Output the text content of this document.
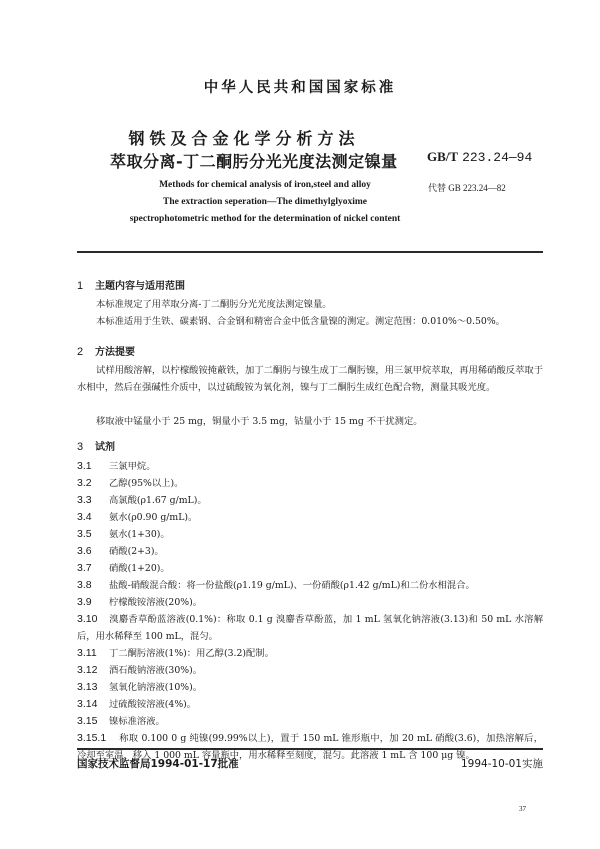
中华人民共和国国家标准
钢铁及合金化学分析方法
萃取分离-丁二酮肟分光光度法测定镍量 GB/T 223.24—94
Methods for chemical analysis of iron,steel and alloy
The extraction seperation—The dimethylglyoxime
spectrophotometric method for the determination of nickel content
代替 GB 223.24—82
1 主题内容与适用范围
本标准规定了用萃取分离-丁二酮肟分光光度法测定镍量。
本标准适用于生铁、碳素钢、合金钢和精密合金中低含量镍的测定。测定范围：0.010%～0.50%。
2 方法提要
试样用酸溶解，以柠檬酸铵掩蔽铁，加丁二酮肟与镍生成丁二酮肟镍，用三氯甲烷萃取，再用稀硝酸反萃取于水相中，然后在强碱性介质中，以过硫酸铵为氧化剂，镍与丁二酮肟生成红色配合物，测量其吸光度。
移取液中锰量小于 25 mg，铜量小于 3.5 mg，钴量小于 15 mg 不干扰测定。
3 试剂
3.1 三氯甲烷。
3.2 乙醇(95%以上)。
3.3 高氯酸(ρ1.67 g/mL)。
3.4 氨水(ρ0.90 g/mL)。
3.5 氨水(1+30)。
3.6 硝酸(2+3)。
3.7 硝酸(1+20)。
3.8 盐酸-硝酸混合酸：将一份盐酸(ρ1.19 g/mL)、一份硝酸(ρ1.42 g/mL)和二份水相混合。
3.9 柠檬酸铵溶液(20%)。
3.10 溴麝香草酚蓝溶液(0.1%)：称取 0.1 g 溴麝香草酚蓝，加 1 mL 氢氧化钠溶液(3.13)和 50 mL 水溶解后，用水稀释至 100 mL，混匀。
3.11 丁二酮肟溶液(1%)：用乙醇(3.2)配制。
3.12 酒石酸钠溶液(30%)。
3.13 氢氧化钠溶液(10%)。
3.14 过硫酸铵溶液(4%)。
3.15 镍标准溶液。
3.15.1 称取 0.100 0 g 纯镍(99.99%以上)，置于 150 mL 锥形瓶中，加 20 mL 硝酸(3.6)，加热溶解后，冷却至室温，移入 1 000 mL 容量瓶中，用水稀释至刻度，混匀。此溶液 1 mL 含 100 μg 镍。
国家技术监督局1994-01-17批准	1994-10-01实施
37
